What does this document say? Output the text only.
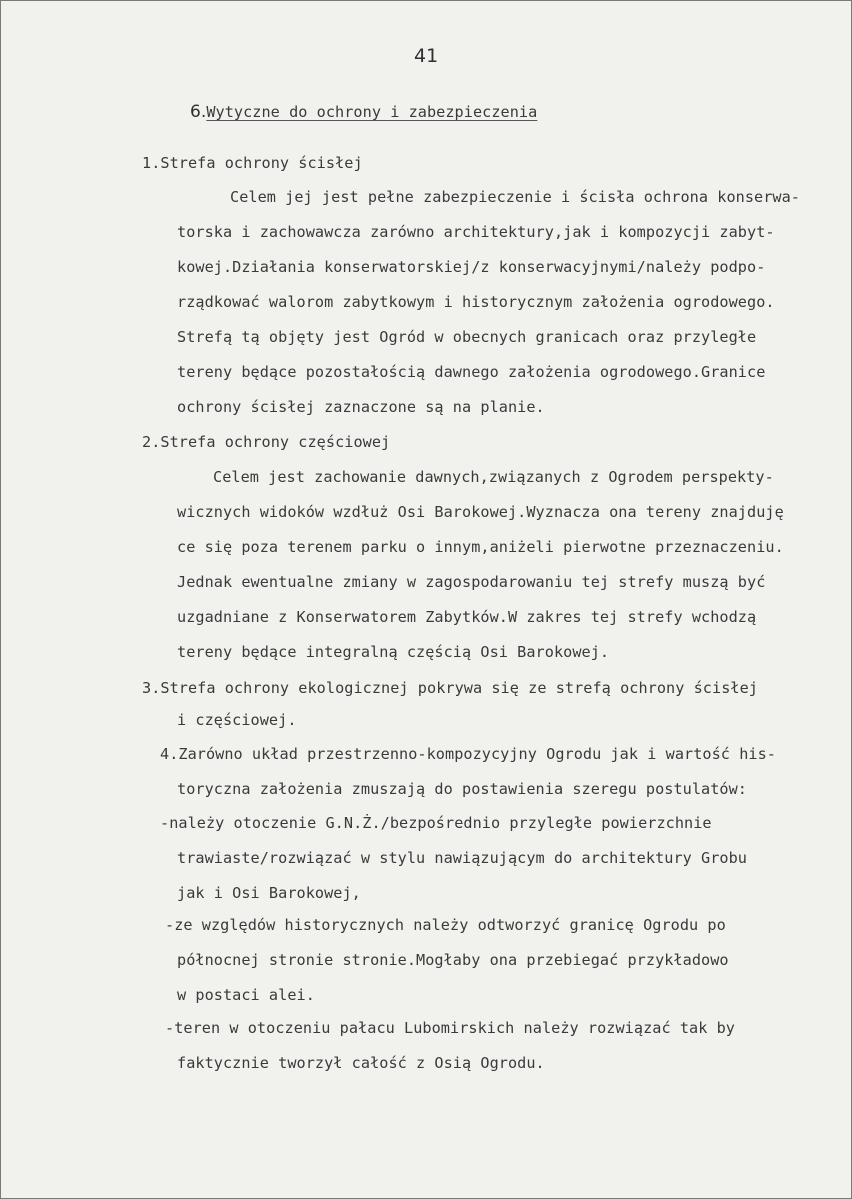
41
6.Wytyczne do ochrony i zabezpieczenia
1.Strefa ochrony ścisłej
Celem jej jest pełne zabezpieczenie i ścisła ochrona konserwa-
torska i zachowawcza zarówno architektury,jak i kompozycji zabyt-
kowej.Działania konserwatorskiej/z konserwacyjnymi/należy podpo-
rządkować walorom zabytkowym i historycznym założenia ogrodowego.
Strefą tą objęty jest Ogród w obecnych granicach oraz przyległe
tereny będące pozostałością dawnego założenia ogrodowego.Granice
ochrony ścisłej zaznaczone są na planie.
2.Strefa ochrony częściowej
Celem jest zachowanie dawnych,związanych z Ogrodem perspekty-
wicznych widoków wzdłuż Osi Barokowej.Wyznacza ona tereny znajduję
ce się poza terenem parku o innym,aniżeli pierwotne przeznaczeniu.
Jednak ewentualne zmiany w zagospodarowaniu tej strefy muszą być
uzgadniane z Konserwatorem Zabytków.W zakres tej strefy wchodzą
tereny będące integralną częścią Osi Barokowej.
3.Strefa ochrony ekologicznej pokrywa się ze strefą ochrony ścisłej
i częściowej.
4.Zarówno układ przestrzenno-kompozycyjny Ogrodu jak i wartość his-
toryczna założenia zmuszają do postawienia szeregu postulatów:
-należy otoczenie G.N.Ż./bezpośrednio przyległe powierzchnie
trawiaste/rozwiązać w stylu nawiązującym do architektury Grobu
jak i Osi Barokowej,
-ze względów historycznych należy odtworzyć granicę Ogrodu po
północnej stronie stronie.Mogłaby ona przebiegać przykładowo
w postaci alei.
-teren w otoczeniu pałacu Lubomirskich należy rozwiązać tak by
faktycznie tworzył całość z Osią Ogrodu.
